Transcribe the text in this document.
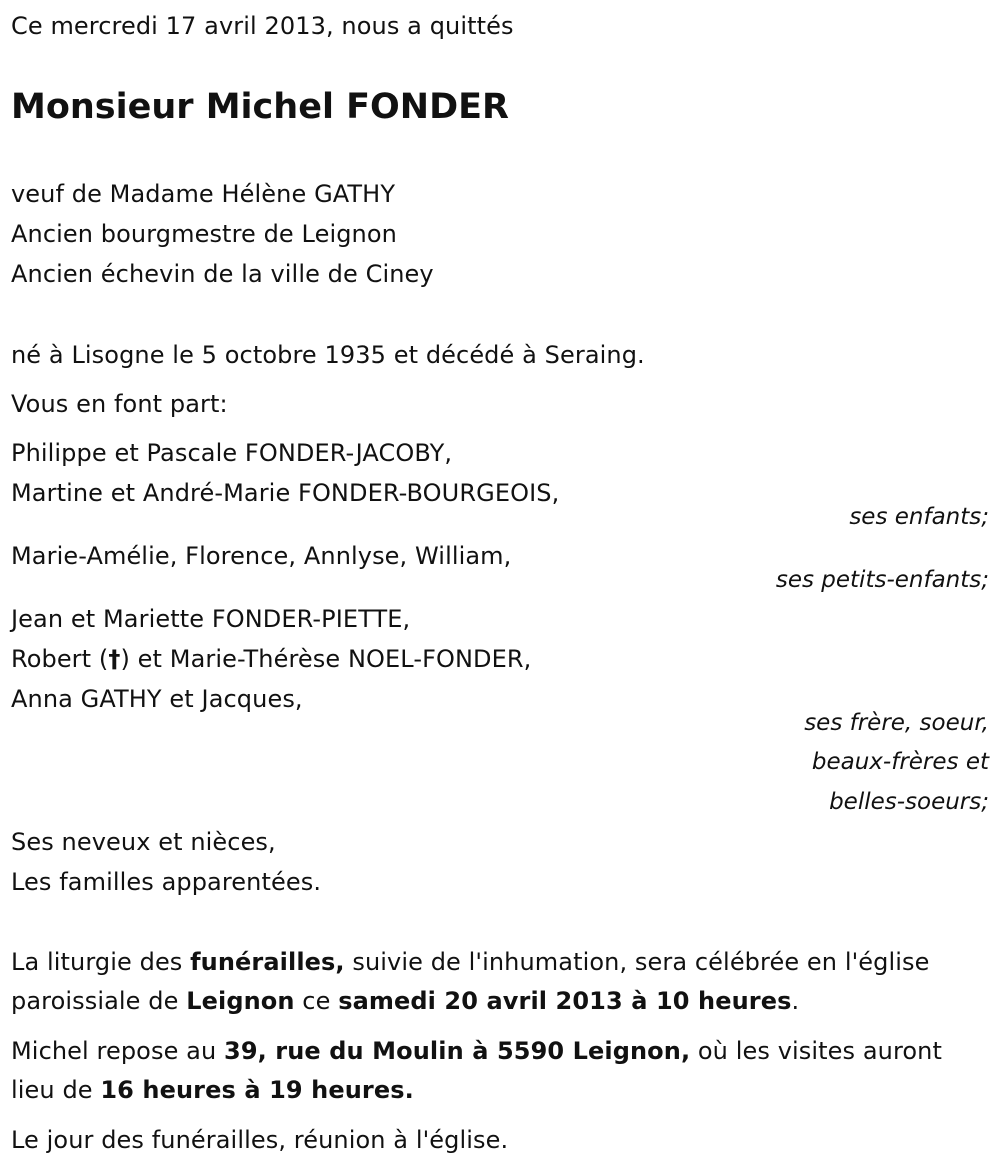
Ce mercredi 17 avril 2013, nous a quittés
Monsieur Michel FONDER
veuf de Madame Hélène GATHY
Ancien bourgmestre de Leignon
Ancien échevin de la ville de Ciney
né à Lisogne le 5 octobre 1935 et décédé à Seraing.
Vous en font part:
Philippe et Pascale FONDER-JACOBY,
Martine et André-Marie FONDER-BOURGEOIS,
ses enfants;
Marie-Amélie, Florence, Annlyse, William,
ses petits-enfants;
Jean et Mariette FONDER-PIETTE,
Robert (†) et Marie-Thérèse NOEL-FONDER,
Anna GATHY et Jacques,
ses frère, soeur,
beaux-frères et
belles-soeurs;
Ses neveux et nièces,
Les familles apparentées.
La liturgie des funérailles, suivie de l'inhumation, sera célébrée en l'église
paroissiale de Leignon ce samedi 20 avril 2013 à 10 heures.
Michel repose au 39, rue du Moulin à 5590 Leignon, où les visites auront
lieu de 16 heures à 19 heures.
Le jour des funérailles, réunion à l'église.
